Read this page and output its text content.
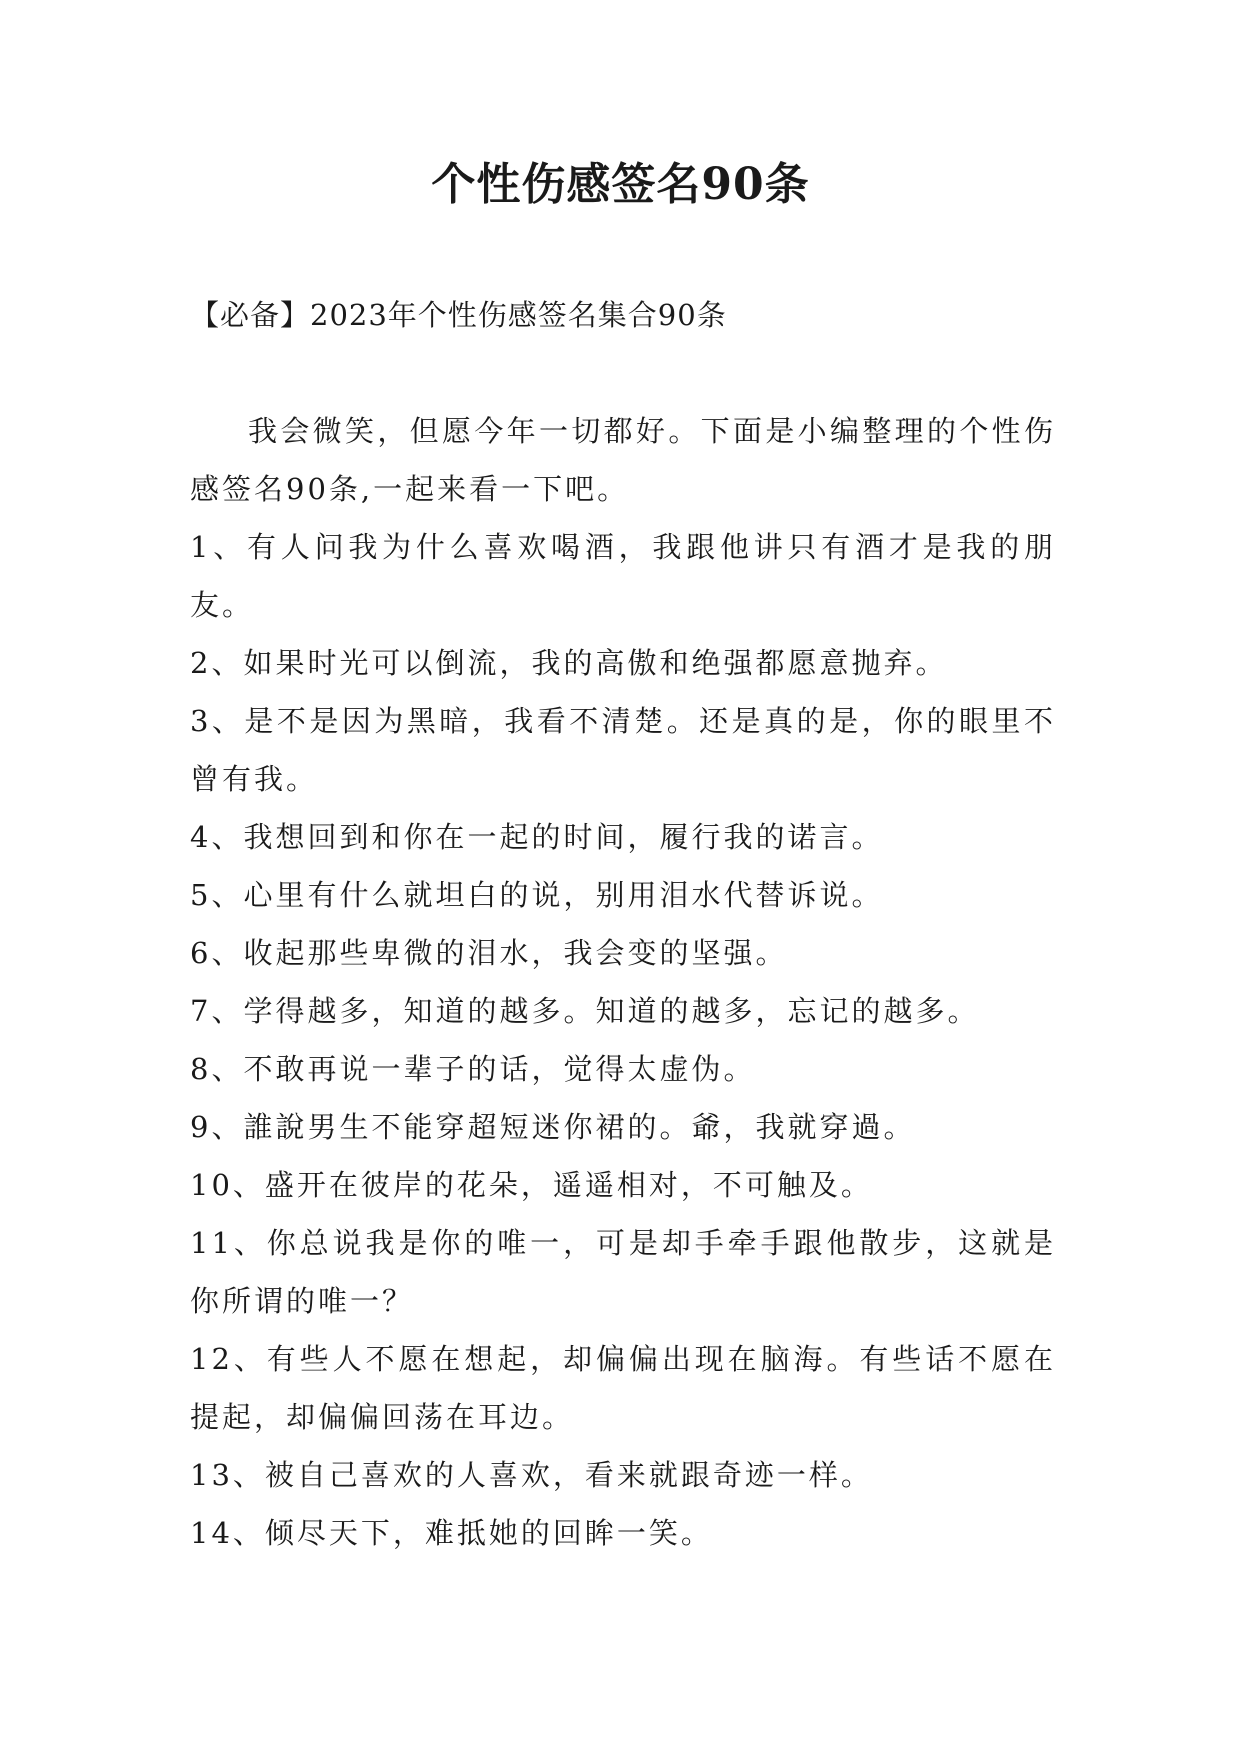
个性伤感签名90条
【必备】2023年个性伤感签名集合90条

我会微笑，但愿今年一切都好。下面是小编整理的个性伤感签名90条,一起来看一下吧。

1、有人问我为什么喜欢喝酒，我跟他讲只有酒才是我的朋友。

2、如果时光可以倒流，我的高傲和绝强都愿意抛弃。

3、是不是因为黑暗，我看不清楚。还是真的是，你的眼里不曾有我。

4、我想回到和你在一起的时间，履行我的诺言。

5、心里有什么就坦白的说，别用泪水代替诉说。

6、收起那些卑微的泪水，我会变的坚强。

7、学得越多，知道的越多。知道的越多，忘记的越多。

8、不敢再说一辈子的话，觉得太虚伪。

9、誰說男生不能穿超短迷你裙的。爺，我就穿過。

10、盛开在彼岸的花朵，遥遥相对，不可触及。

11、你总说我是你的唯一，可是却手牵手跟他散步，这就是你所谓的唯一？

12、有些人不愿在想起，却偏偏出现在脑海。有些话不愿在提起，却偏偏回荡在耳边。

13、被自己喜欢的人喜欢，看来就跟奇迹一样。

14、倾尽天下，难抵她的回眸一笑。
